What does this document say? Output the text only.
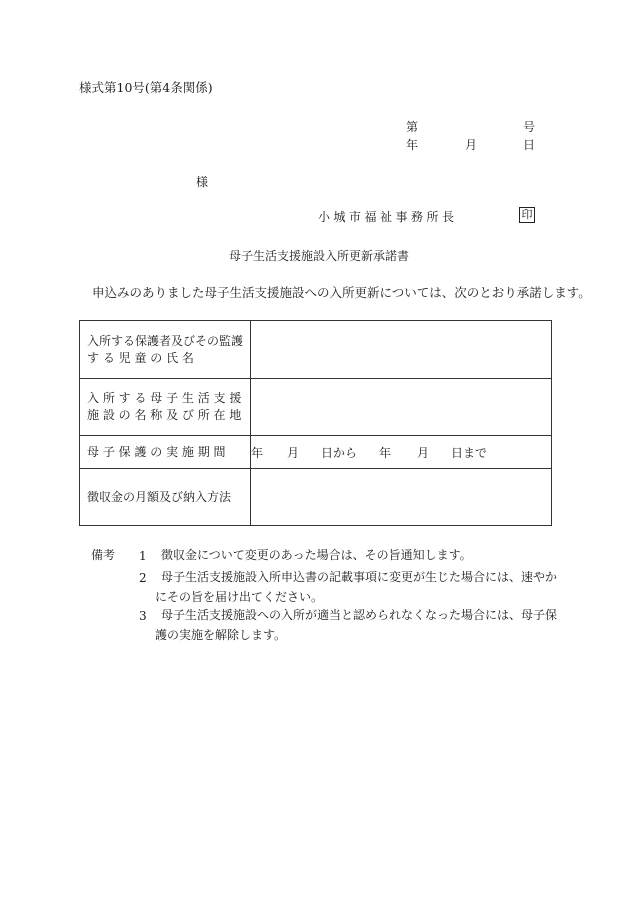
様式第10号(第4条関係)
第	号
年	月	日
様
小城市福祉事務所長	印
母子生活支援施設入所更新承諾書
申込みのありました母子生活支援施設への入所更新については、次のとおり承諾します。
入所する保護者及びその監護
す る 児 童 の 氏 名	

入 所 す る 母 子 生 活 支 援
施 設 の 名 称 及 び 所 在 地	

母 子 保 護 の 実 施 期 間	年 月 日から 年 月 日まで

徴収金の月額及び納入方法	

備考 1 徴収金について変更のあった場合は、その旨通知します。
2 母子生活支援施設入所申込書の記載事項に変更が生じた場合には、速やか
にその旨を届け出てください。
3 母子生活支援施設への入所が適当と認められなくなった場合には、母子保
護の実施を解除します。
